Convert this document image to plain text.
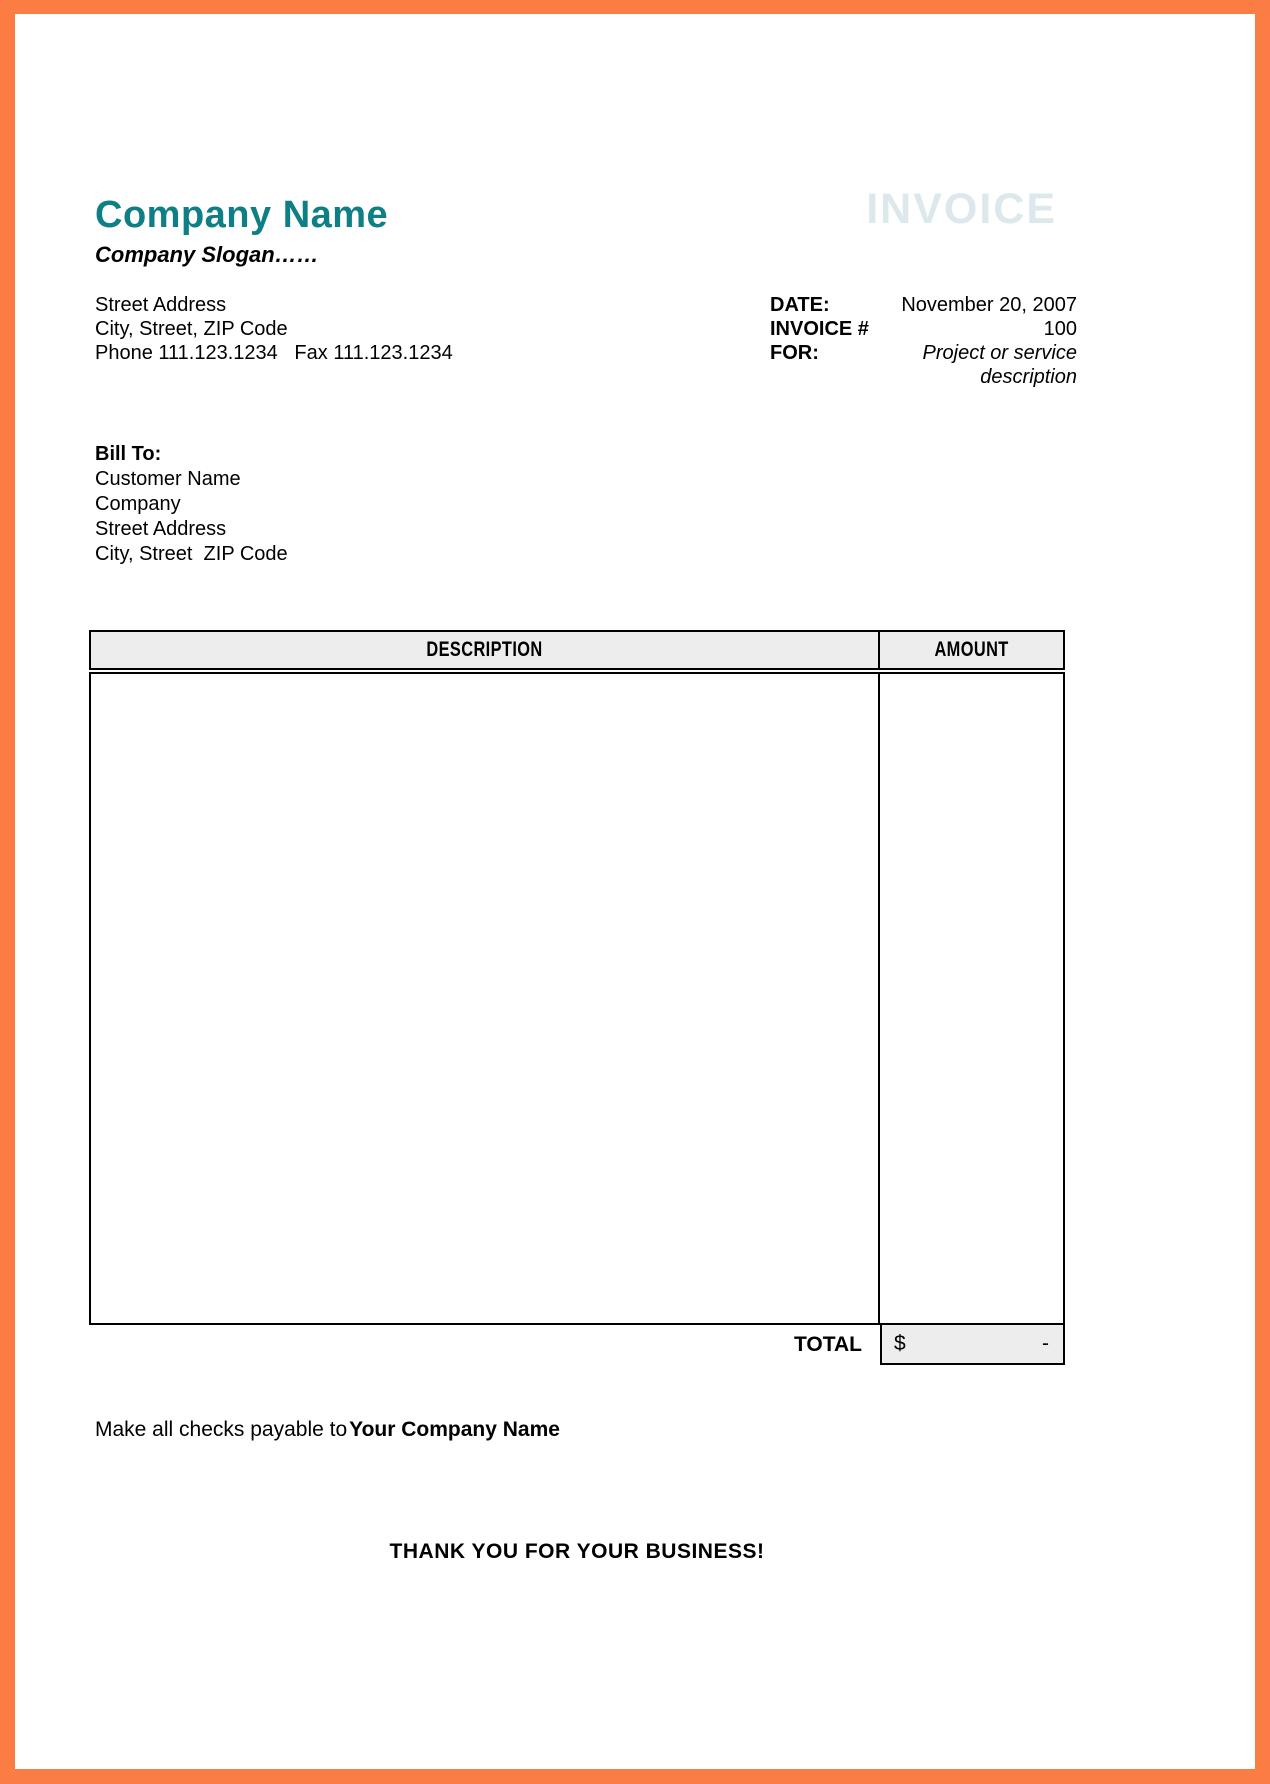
Company Name	INVOICE
Company Slogan……
Street Address
City, Street, ZIP Code
Phone 111.123.1234   Fax 111.123.1234
DATE:	November 20, 2007
INVOICE #	100
FOR:	Project or service description
Bill To:
Customer Name
Company
Street Address
City, Street  ZIP Code
DESCRIPTION	AMOUNT
TOTAL	$	-
Make all checks payable toYour Company Name
THANK YOU FOR YOUR BUSINESS!
